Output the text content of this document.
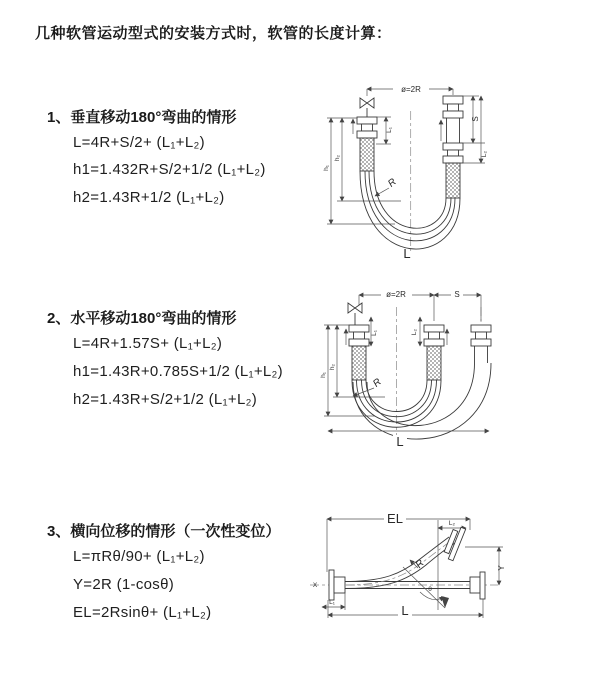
几种软管运动型式的安装方式时，软管的长度计算：
1、垂直移动180°弯曲的情形
L=4R+S/2+ (L₁+L₂)
h1=1.432R+S/2+1/2 (L₁+L₂)
h2=1.43R+1/2 (L₁+L₂)
2、水平移动180°弯曲的情形
L=4R+1.57S+ (L₁+L₂)
h1=1.43R+0.785S+1/2 (L₁+L₂)
h2=1.43R+S/2+1/2 (L₁+L₂)
3、横向位移的情形（一次性变位）
L=πRθ/90+ (L₁+L₂)
Y=2R (1-cosθ)
EL=2Rsinθ+ (L₁+L₂)
ø=2R
S
L₂
L₁
h₁
h₂
R
L
ø=2R	S
L₁	L₂
h₁
h₂
R
L
EL	L₂
Y
R
θ
X
L₁
L
